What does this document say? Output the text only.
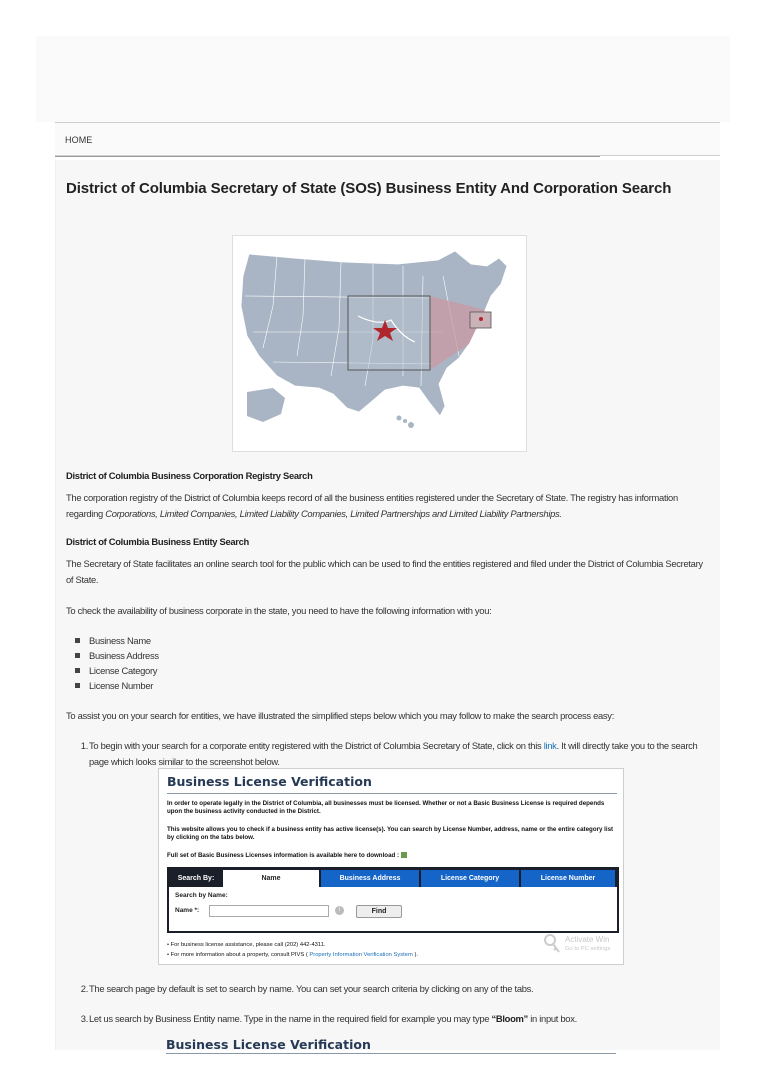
HOME
District of Columbia Secretary of State (SOS) Business Entity And Corporation Search
District of Columbia Business Corporation Registry Search
The corporation registry of the District of Columbia keeps record of all the business entities registered under the Secretary of State. The registry has information regarding Corporations, Limited Companies, Limited Liability Companies, Limited Partnerships and Limited Liability Partnerships.
District of Columbia Business Entity Search
The Secretary of State facilitates an online search tool for the public which can be used to find the entities registered and filed under the District of Columbia Secretary of State.
To check the availability of business corporate in the state, you need to have the following information with you:
Business Name
Business Address
License Category
License Number
To assist you on your search for entities, we have illustrated the simplified steps below which you may follow to make the search process easy:
1. To begin with your search for a corporate entity registered with the District of Columbia Secretary of State, click on this link. It will directly take you to the search page which looks similar to the screenshot below.
Business License Verification
In order to operate legally in the District of Columbia, all businesses must be licensed. Whether or not a Basic Business License is required depends upon the business activity conducted in the District.
This website allows you to check if a business entity has active license(s). You can search by License Number, address, name or the entire category list by clicking on the tabs below.
Full set of Basic Business Licenses information is available here to download :
Search By:	Name	Business Address	License Category	License Number
Search by Name:
Name *:	i	Find
• For business license assistance, please call (202) 442-4311.
• For more information about a property, consult PIVS ( Property Information Verification System ).
Activate Win
Go to PC settings
2. The search page by default is set to search by name. You can set your search criteria by clicking on any of the tabs.
3. Let us search by Business Entity name. Type in the name in the required field for example you may type “Bloom” in input box.
Business License Verification
